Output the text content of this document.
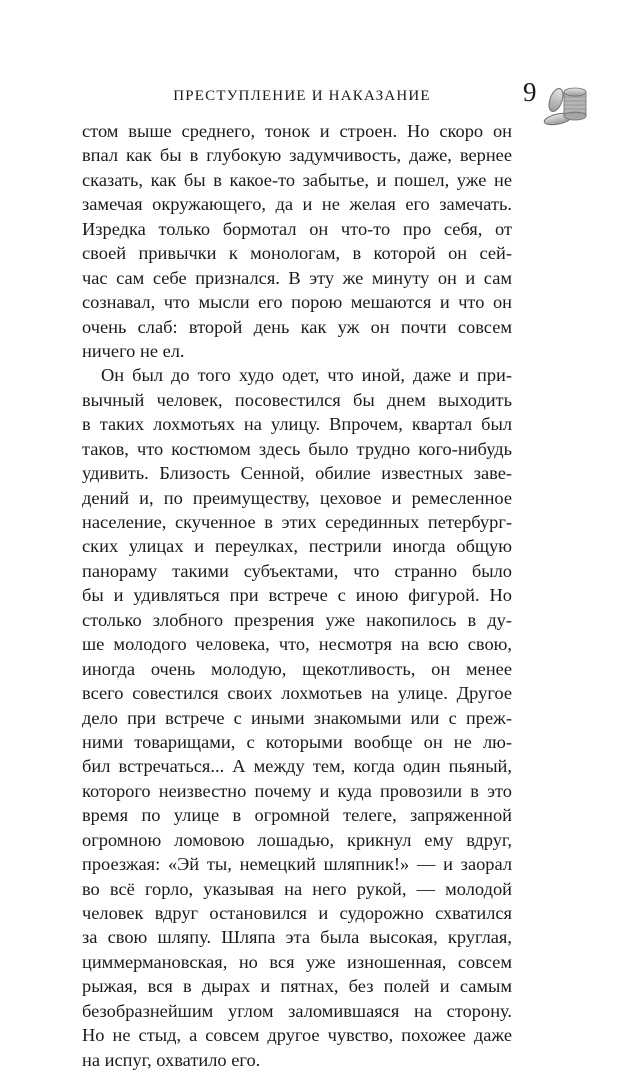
ПРЕСТУПЛЕНИЕ И НАКАЗАНИЕ	9
стом выше среднего, тонок и строен. Но скоро он
впал как бы в глубокую задумчивость, даже, вернее
сказать, как бы в какое-то забытье, и пошел, уже не
замечая окружающего, да и не желая его замечать.
Изредка только бормотал он что-то про себя, от
своей привычки к монологам, в которой он сей-
час сам себе признался. В эту же минуту он и сам
сознавал, что мысли его порою мешаются и что он
очень слаб: второй день как уж он почти совсем
ничего не ел.
Он был до того худо одет, что иной, даже и при-
вычный человек, посовестился бы днем выходить
в таких лохмотьях на улицу. Впрочем, квартал был
таков, что костюмом здесь было трудно кого-нибудь
удивить. Близость Сенной, обилие известных заве-
дений и, по преимуществу, цеховое и ремесленное
население, скученное в этих серединных петербург-
ских улицах и переулках, пестрили иногда общую
панораму такими субъектами, что странно было
бы и удивляться при встрече с иною фигурой. Но
столько злобного презрения уже накопилось в ду-
ше молодого человека, что, несмотря на всю свою,
иногда очень молодую, щекотливость, он менее
всего совестился своих лохмотьев на улице. Другое
дело при встрече с иными знакомыми или с преж-
ними товарищами, с которыми вообще он не лю-
бил встречаться... А между тем, когда один пьяный,
которого неизвестно почему и куда провозили в это
время по улице в огромной телеге, запряженной
огромною ломовою лошадью, крикнул ему вдруг,
проезжая: «Эй ты, немецкий шляпник!» — и заорал
во всё горло, указывая на него рукой, — молодой
человек вдруг остановился и судорожно схватился
за свою шляпу. Шляпа эта была высокая, круглая,
циммермановская, но вся уже изношенная, совсем
рыжая, вся в дырах и пятнах, без полей и самым
безобразнейшим углом заломившаяся на сторону.
Но не стыд, а совсем другое чувство, похожее даже
на испуг, охватило его.
